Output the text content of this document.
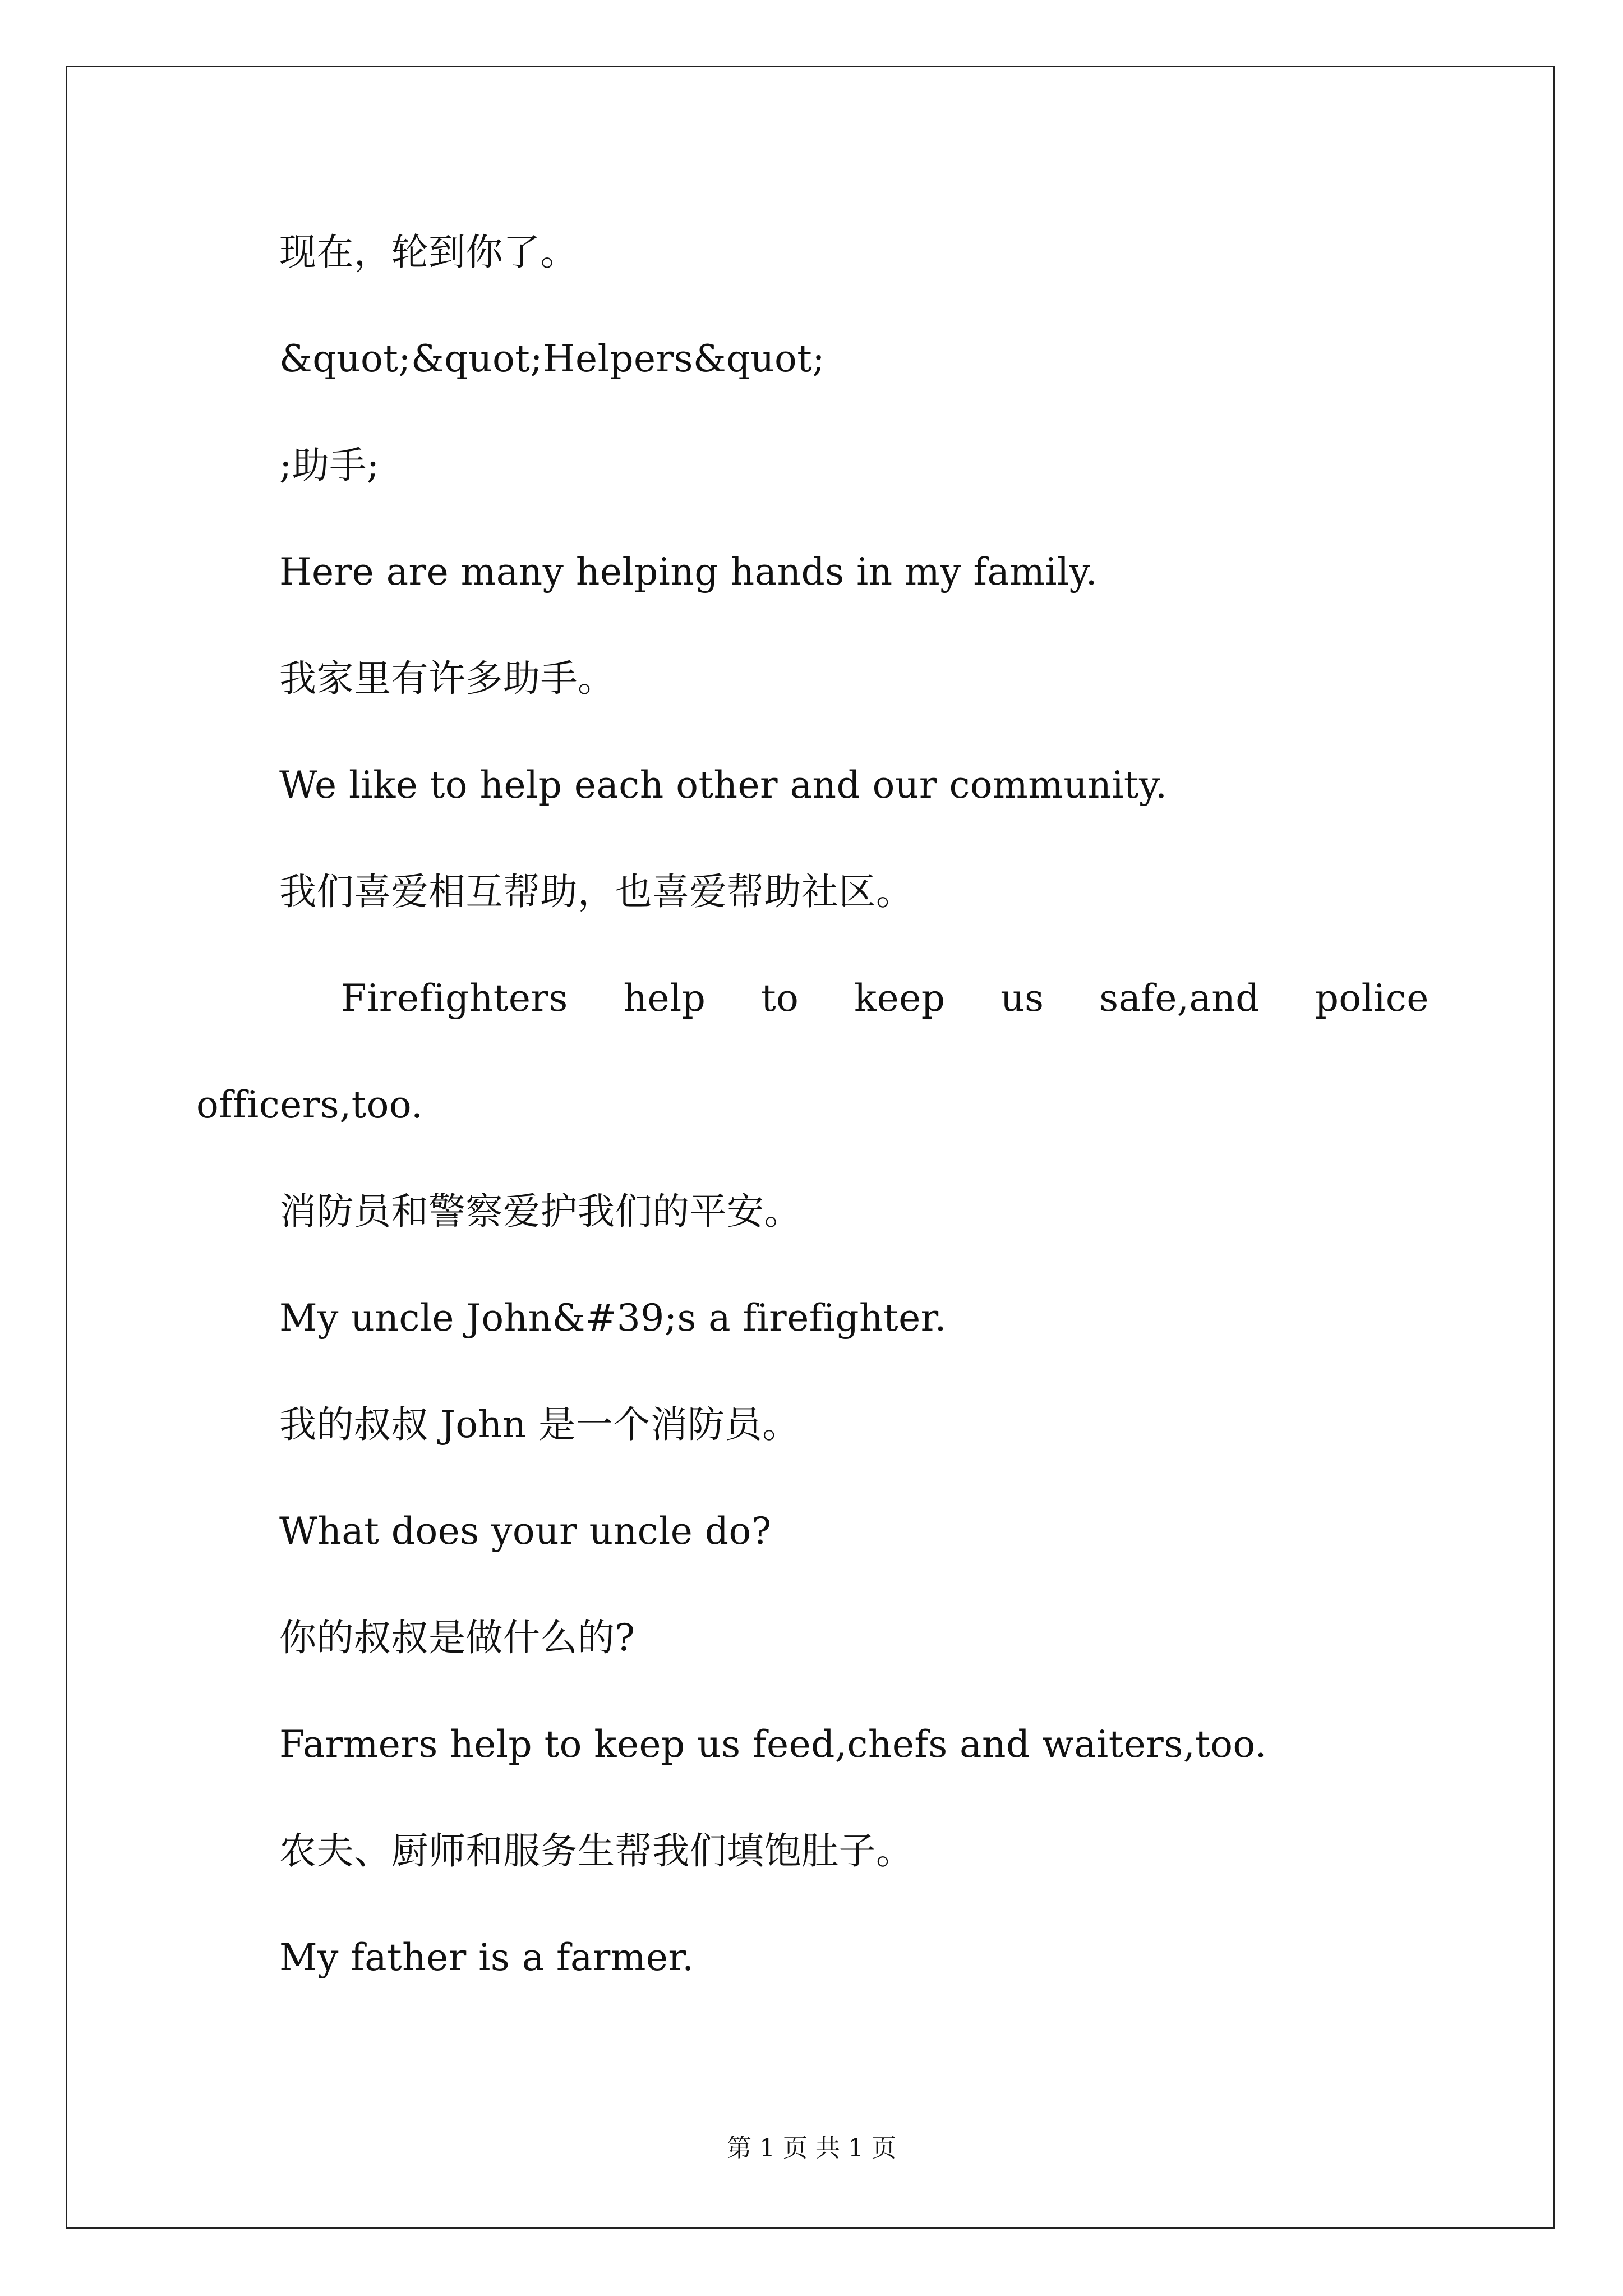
现在，轮到你了。
&quot;&quot;Helpers&quot;
;助手;
Here are many helping hands in my family.
我家里有许多助手。
We like to help each other and our community.
我们喜爱相互帮助，也喜爱帮助社区。
Firefighters help to keep us safe,and police
officers,too.
消防员和警察爱护我们的平安。
My uncle John&#39;s a firefighter.
我的叔叔 John 是一个消防员。
What does your uncle do?
你的叔叔是做什么的?
Farmers help to keep us feed,chefs and waiters,too.
农夫、厨师和服务生帮我们填饱肚子。
My father is a farmer.
第 1 页 共 1 页
